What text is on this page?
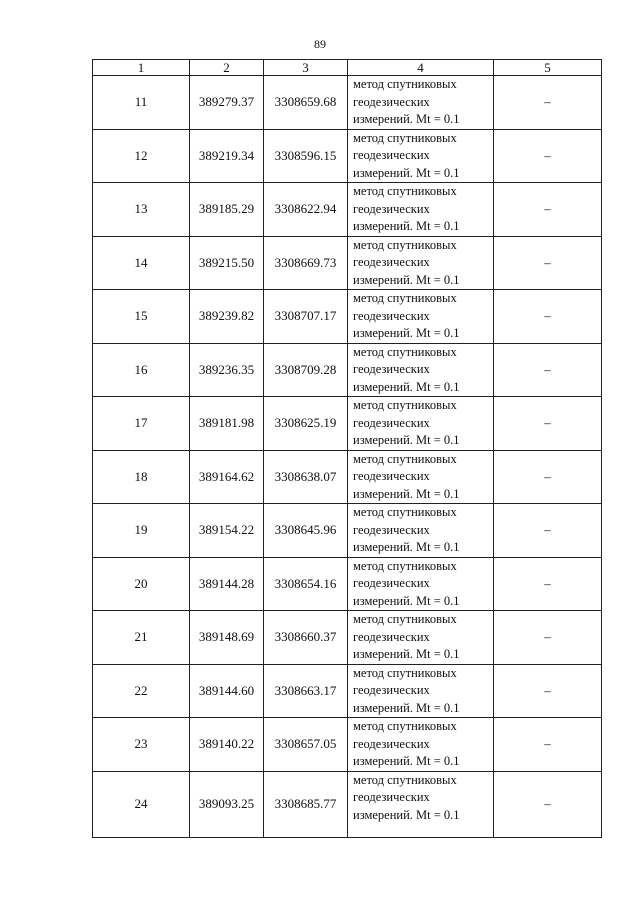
89
1	2	3	4	5
11	389279.37	3308659.68	метод спутниковых
геодезических
измерений. Mt = 0.1	–
12	389219.34	3308596.15	метод спутниковых
геодезических
измерений. Mt = 0.1	–
13	389185.29	3308622.94	метод спутниковых
геодезических
измерений. Mt = 0.1	–
14	389215.50	3308669.73	метод спутниковых
геодезических
измерений. Mt = 0.1	–
15	389239.82	3308707.17	метод спутниковых
геодезических
измерений. Mt = 0.1	–
16	389236.35	3308709.28	метод спутниковых
геодезических
измерений. Mt = 0.1	–
17	389181.98	3308625.19	метод спутниковых
геодезических
измерений. Mt = 0.1	–
18	389164.62	3308638.07	метод спутниковых
геодезических
измерений. Mt = 0.1	–
19	389154.22	3308645.96	метод спутниковых
геодезических
измерений. Mt = 0.1	–
20	389144.28	3308654.16	метод спутниковых
геодезических
измерений. Mt = 0.1	–
21	389148.69	3308660.37	метод спутниковых
геодезических
измерений. Mt = 0.1	–
22	389144.60	3308663.17	метод спутниковых
геодезических
измерений. Mt = 0.1	–
23	389140.22	3308657.05	метод спутниковых
геодезических
измерений. Mt = 0.1	–
24	389093.25	3308685.77	метод спутниковых
геодезических
измерений. Mt = 0.1	–
